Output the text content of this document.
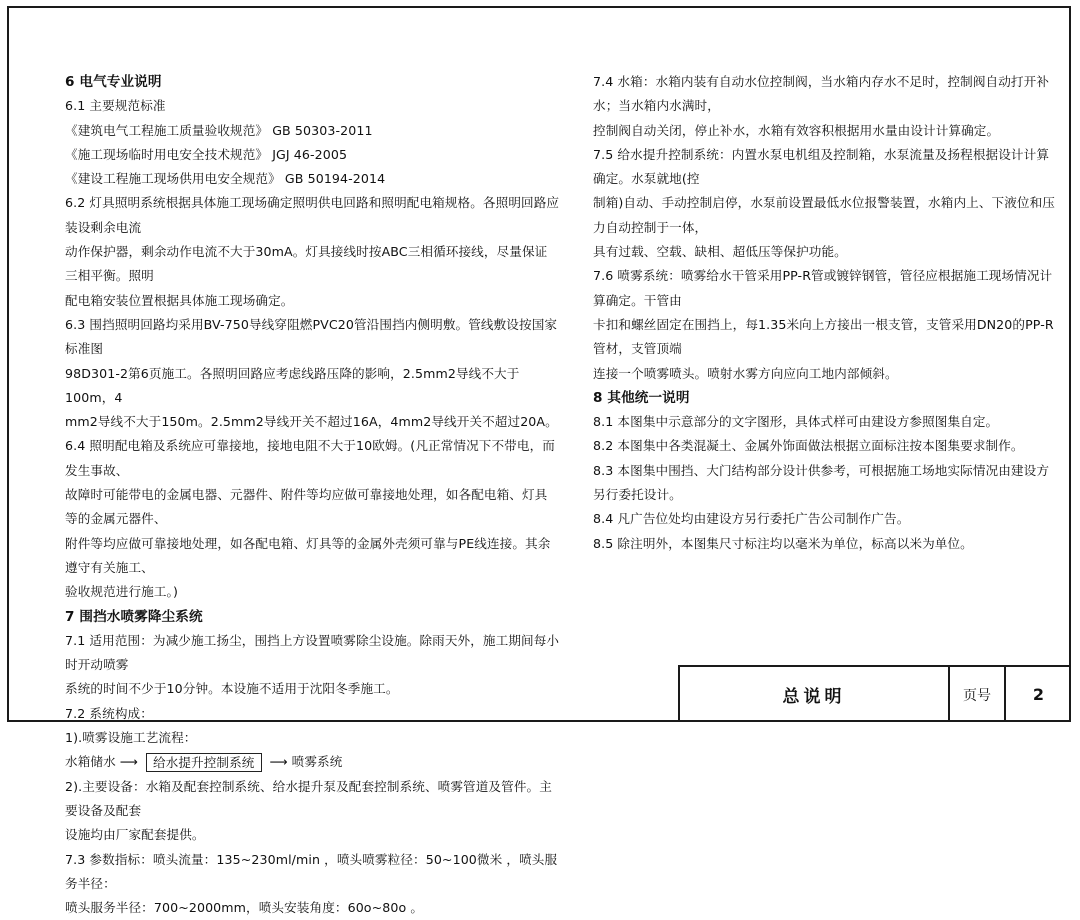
6 电气专业说明

6.1 主要规范标准

《建筑电气工程施工质量验收规范》 GB 50303-2011

《施工现场临时用电安全技术规范》 JGJ 46-2005

《建设工程施工现场供用电安全规范》 GB 50194-2014

6.2 灯具照明系统根据具体施工现场确定照明供电回路和照明配电箱规格。各照明回路应装设剩余电流

动作保护器，剩余动作电流不大于30mA。灯具接线时按ABC三相循环接线，尽量保证三相平衡。照明

配电箱安装位置根据具体施工现场确定。

6.3 围挡照明回路均采用BV-750导线穿阻燃PVC20管沿围挡内侧明敷。管线敷设按国家标准图

98D301-2第6页施工。各照明回路应考虑线路压降的影响，2.5mm2导线不大于100m，4

mm2导线不大于150m。2.5mm2导线开关不超过16A，4mm2导线开关不超过20A。

6.4 照明配电箱及系统应可靠接地，接地电阻不大于10欧姆。(凡正常情况下不带电，而发生事故、

故障时可能带电的金属电器、元器件、附件等均应做可靠接地处理，如各配电箱、灯具等的金属元器件、

附件等均应做可靠接地处理，如各配电箱、灯具等的金属外壳须可靠与PE线连接。其余遵守有关施工、

验收规范进行施工。)

7 围挡水喷雾降尘系统

7.1 适用范围：为减少施工扬尘，围挡上方设置喷雾除尘设施。除雨天外，施工期间每小时开动喷雾

系统的时间不少于10分钟。本设施不适用于沈阳冬季施工。

7.2 系统构成：

1).喷雾设施工艺流程：

水箱储水 ⟶	给水提升控制系统	⟶ 喷雾系统

2).主要设备：水箱及配套控制系统、给水提升泵及配套控制系统、喷雾管道及管件。主要设备及配套

设施均由厂家配套提供。

7.3 参数指标：喷头流量：135~230ml/min ，喷头喷雾粒径：50~100微米 ，喷头服务半径：

喷头服务半径：700~2000mm，喷头安装角度：60o~80o 。

7.4 水箱：水箱内装有自动水位控制阀，当水箱内存水不足时，控制阀自动打开补水；当水箱内水满时，

控制阀自动关闭，停止补水，水箱有效容积根据用水量由设计计算确定。

7.5 给水提升控制系统：内置水泵电机组及控制箱，水泵流量及扬程根据设计计算确定。水泵就地(控

制箱)自动、手动控制启停，水泵前设置最低水位报警装置，水箱内上、下液位和压力自动控制于一体，

具有过载、空载、缺相、超低压等保护功能。

7.6 喷雾系统：喷雾给水干管采用PP-R管或镀锌钢管，管径应根据施工现场情况计算确定。干管由

卡扣和螺丝固定在围挡上，每1.35米向上方接出一根支管，支管采用DN20的PP-R管材，支管顶端

连接一个喷雾喷头。喷射水雾方向应向工地内部倾斜。

8 其他统一说明

8.1 本图集中示意部分的文字图形，具体式样可由建设方参照图集自定。

8.2 本图集中各类混凝土、金属外饰面做法根据立面标注按本图集要求制作。

8.3 本图集中围挡、大门结构部分设计供参考，可根据施工场地实际情况由建设方另行委托设计。

8.4 凡广告位处均由建设方另行委托广告公司制作广告。

8.5 除注明外，本图集尺寸标注均以毫米为单位，标高以米为单位。

总说明	页号	2
